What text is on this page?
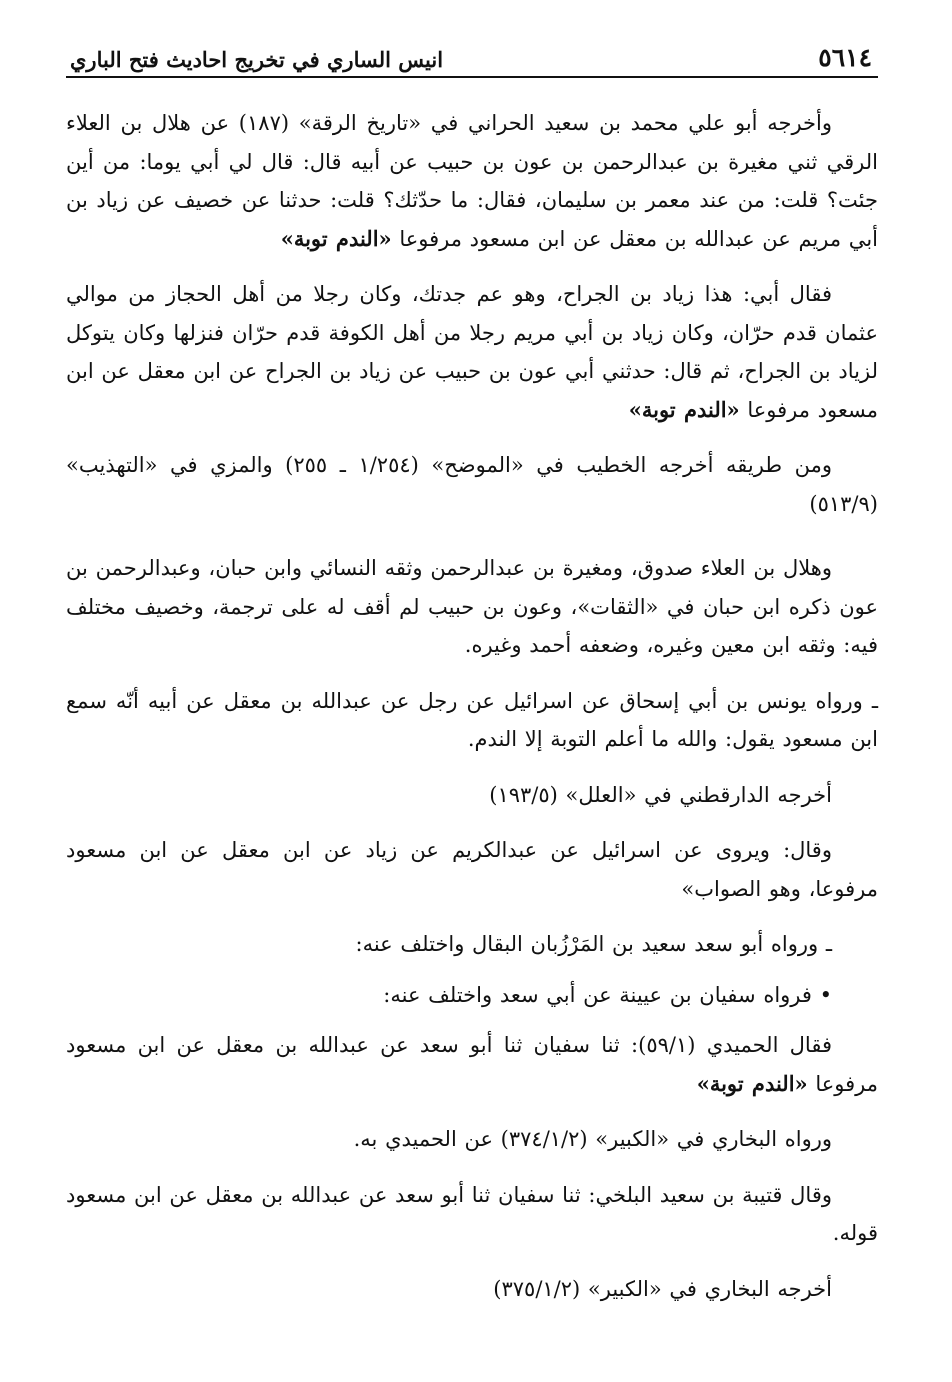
٥٦١٤
انيس الساري في تخريج احاديث فتح الباري

وأخرجه أبو علي محمد بن سعيد الحراني في «تاريخ الرقة» (١٨٧) عن هلال بن العلاء الرقي ثني مغيرة بن عبدالرحمن بن عون بن حبيب عن أبيه قال: قال لي أبي يوما: من أين جئت؟ قلت: من عند معمر بن سليمان، فقال: ما حدّثك؟ قلت: حدثنا عن خصيف عن زياد بن أبي مريم عن عبدالله بن معقل عن ابن مسعود مرفوعا «الندم توبة»

فقال أبي: هذا زياد بن الجراح، وهو عم جدتك، وكان رجلا من أهل الحجاز من موالي عثمان قدم حرّان، وكان زياد بن أبي مريم رجلا من أهل الكوفة قدم حرّان فنزلها وكان يتوكل لزياد بن الجراح، ثم قال: حدثني أبي عون بن حبيب عن زياد بن الجراح عن ابن معقل عن ابن مسعود مرفوعا «الندم توبة»

ومن طريقه أخرجه الخطيب في «الموضح» (١/٢٥٤ ـ ٢٥٥) والمزي في «التهذيب» (٥١٣/٩)

وهلال بن العلاء صدوق، ومغيرة بن عبدالرحمن وثقه النسائي وابن حبان، وعبدالرحمن بن عون ذكره ابن حبان في «الثقات»، وعون بن حبيب لم أقف له على ترجمة، وخصيف مختلف فيه: وثقه ابن معين وغيره، وضعفه أحمد وغيره.

ـ ورواه يونس بن أبي إسحاق عن اسرائيل عن رجل عن عبدالله بن معقل عن أبيه أنّه سمع ابن مسعود يقول: والله ما أعلم التوبة إلا الندم.

أخرجه الدارقطني في «العلل» (١٩٣/٥)

وقال: ويروى عن اسرائيل عن عبدالكريم عن زياد عن ابن معقل عن ابن مسعود مرفوعا، وهو الصواب»

ـ ورواه أبو سعد سعيد بن المَرْزُبان البقال واختلف عنه:

• فرواه سفيان بن عيينة عن أبي سعد واختلف عنه:

فقال الحميدي (٥٩/١): ثنا سفيان ثنا أبو سعد عن عبدالله بن معقل عن ابن مسعود مرفوعا «الندم توبة»

ورواه البخاري في «الكبير» (٣٧٤/١/٢) عن الحميدي به.

وقال قتيبة بن سعيد البلخي: ثنا سفيان ثنا أبو سعد عن عبدالله بن معقل عن ابن مسعود قوله.

أخرجه البخاري في «الكبير» (٣٧٥/١/٢)
